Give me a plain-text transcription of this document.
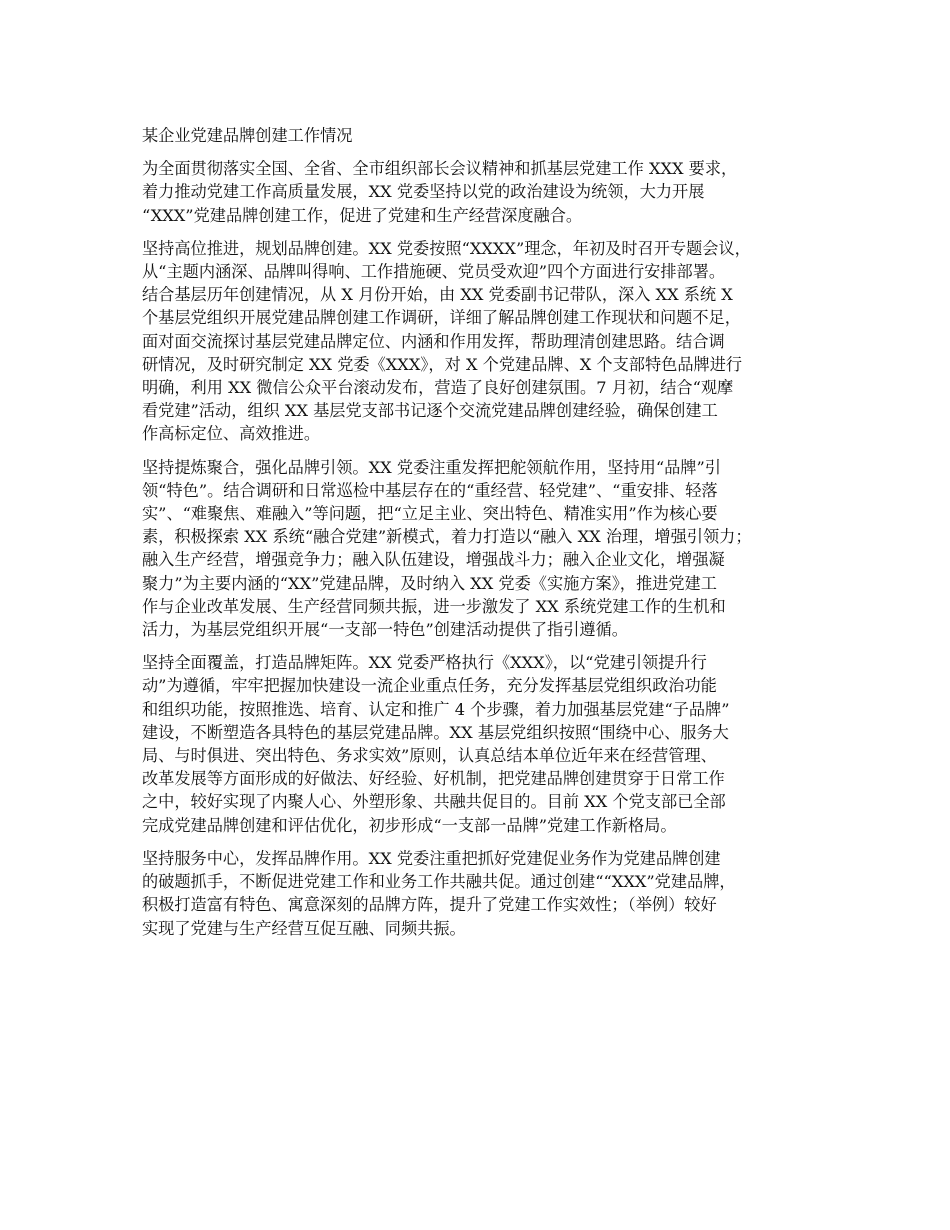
某企业党建品牌创建工作情况
为全面贯彻落实全国、全省、全市组织部长会议精神和抓基层党建工作 XXX 要求，
着力推动党建工作高质量发展，XX 党委坚持以党的政治建设为统领，大力开展
“XXX”党建品牌创建工作，促进了党建和生产经营深度融合。
坚持高位推进，规划品牌创建。XX 党委按照“XXXX”理念，年初及时召开专题会议，
从“主题内涵深、品牌叫得响、工作措施硬、党员受欢迎”四个方面进行安排部署。
结合基层历年创建情况，从 X 月份开始，由 XX 党委副书记带队，深入 XX 系统 X
个基层党组织开展党建品牌创建工作调研，详细了解品牌创建工作现状和问题不足，
面对面交流探讨基层党建品牌定位、内涵和作用发挥，帮助理清创建思路。结合调
研情况，及时研究制定 XX 党委《XXX》，对 X 个党建品牌、X 个支部特色品牌进行
明确，利用 XX 微信公众平台滚动发布，营造了良好创建氛围。7 月初，结合“观摩
看党建”活动，组织 XX 基层党支部书记逐个交流党建品牌创建经验，确保创建工
作高标定位、高效推进。
坚持提炼聚合，强化品牌引领。XX 党委注重发挥把舵领航作用，坚持用“品牌”引
领“特色”。结合调研和日常巡检中基层存在的“重经营、轻党建”、“重安排、轻落
实”、“难聚焦、难融入”等问题，把“立足主业、突出特色、精准实用”作为核心要
素，积极探索 XX 系统“融合党建”新模式，着力打造以“融入 XX 治理，增强引领力；
融入生产经营，增强竞争力；融入队伍建设，增强战斗力；融入企业文化，增强凝
聚力”为主要内涵的“XX”党建品牌，及时纳入 XX 党委《实施方案》，推进党建工
作与企业改革发展、生产经营同频共振，进一步激发了 XX 系统党建工作的生机和
活力，为基层党组织开展“一支部一特色”创建活动提供了指引遵循。
坚持全面覆盖，打造品牌矩阵。XX 党委严格执行《XXX》，以“党建引领提升行
动”为遵循，牢牢把握加快建设一流企业重点任务，充分发挥基层党组织政治功能
和组织功能，按照推选、培育、认定和推广 4 个步骤，着力加强基层党建“子品牌”
建设，不断塑造各具特色的基层党建品牌。XX 基层党组织按照“围绕中心、服务大
局、与时俱进、突出特色、务求实效”原则，认真总结本单位近年来在经营管理、
改革发展等方面形成的好做法、好经验、好机制，把党建品牌创建贯穿于日常工作
之中，较好实现了内聚人心、外塑形象、共融共促目的。目前 XX 个党支部已全部
完成党建品牌创建和评估优化，初步形成“一支部一品牌”党建工作新格局。
坚持服务中心，发挥品牌作用。XX 党委注重把抓好党建促业务作为党建品牌创建
的破题抓手，不断促进党建工作和业务工作共融共促。通过创建““XXX”党建品牌，
积极打造富有特色、寓意深刻的品牌方阵，提升了党建工作实效性；（举例）较好
实现了党建与生产经营互促互融、同频共振。
